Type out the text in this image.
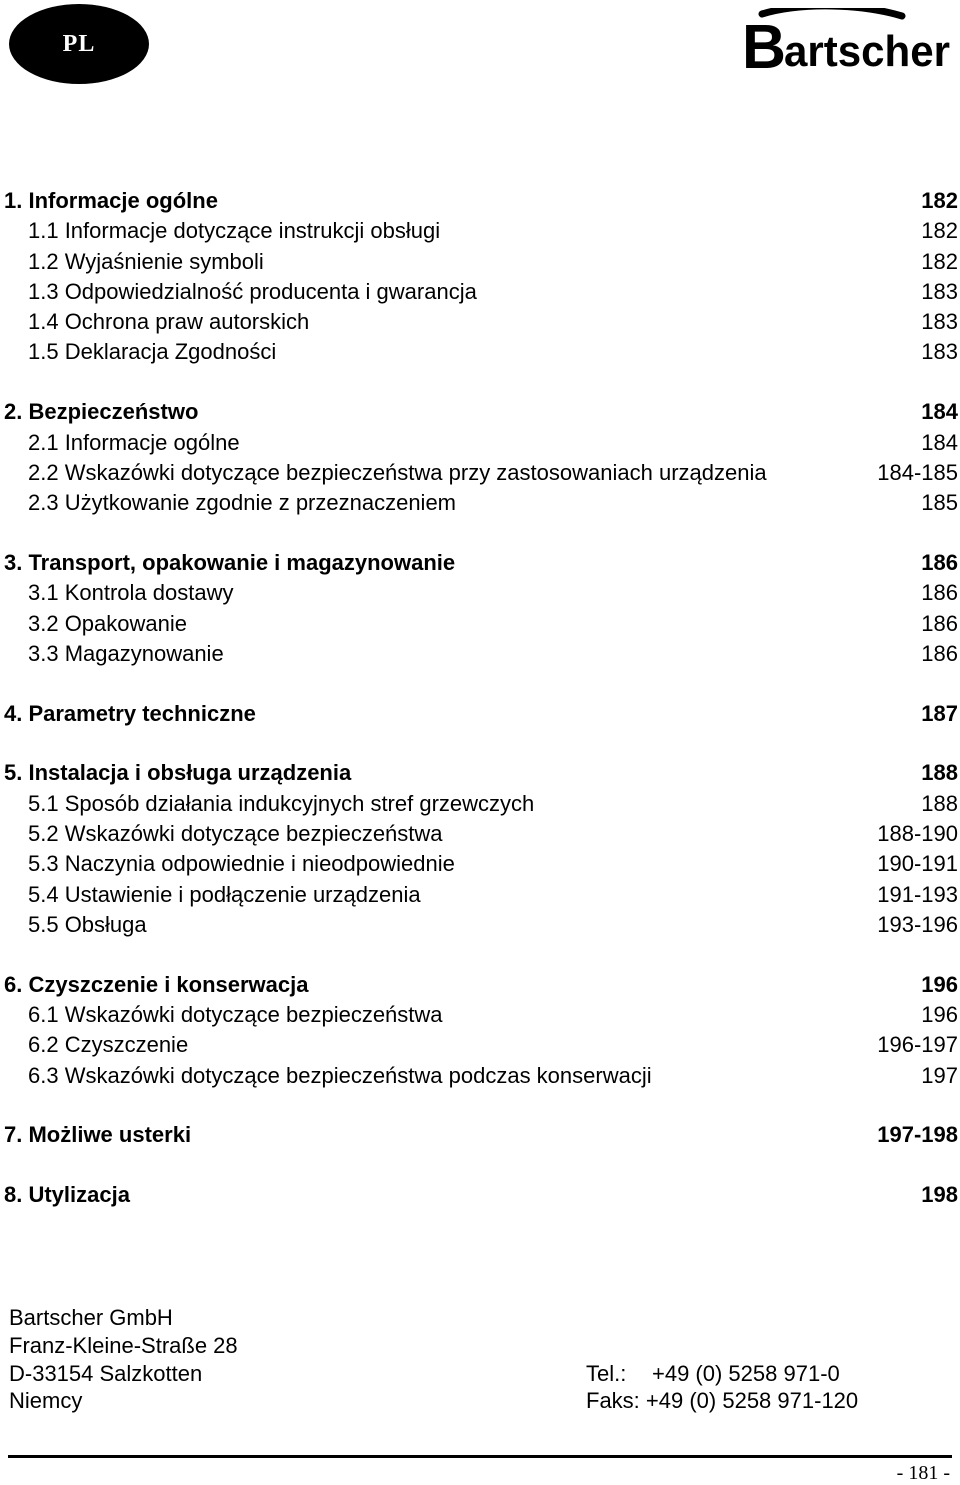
PL	B
artscher
1. Informacje ogólne	182
1.1 Informacje dotyczące instrukcji obsługi	182
1.2 Wyjaśnienie symboli	182
1.3 Odpowiedzialność producenta i gwarancja	183
1.4 Ochrona praw autorskich	183
1.5 Deklaracja Zgodności	183
2. Bezpieczeństwo	184
2.1 Informacje ogólne	184
2.2 Wskazówki dotyczące bezpieczeństwa przy zastosowaniach urządzenia	184-185
2.3 Użytkowanie zgodnie z przeznaczeniem	185
3. Transport, opakowanie i magazynowanie	186
3.1 Kontrola dostawy	186
3.2 Opakowanie	186
3.3 Magazynowanie	186
4. Parametry techniczne	187
5. Instalacja i obsługa urządzenia	188
5.1 Sposób działania indukcyjnych stref grzewczych	188
5.2 Wskazówki dotyczące bezpieczeństwa	188-190
5.3 Naczynia odpowiednie i nieodpowiednie	190-191
5.4 Ustawienie i podłączenie urządzenia	191-193
5.5 Obsługa	193-196
6. Czyszczenie i konserwacja	196
6.1 Wskazówki dotyczące bezpieczeństwa	196
6.2 Czyszczenie	196-197
6.3 Wskazówki dotyczące bezpieczeństwa podczas konserwacji	197
7. Możliwe usterki	197-198
8. Utylizacja	198
Bartscher GmbH
Franz-Kleine-Straße 28
D-33154 Salzkotten
Niemcy
Tel.: +49 (0) 5258 971-0
Faks: +49 (0) 5258 971-120
- 181 -
